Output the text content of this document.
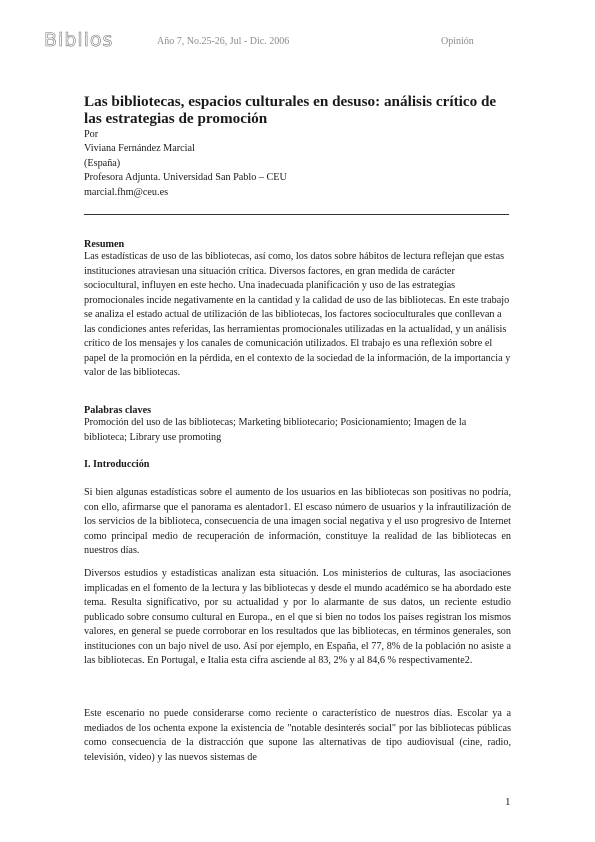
Biblios	Año 7, No.25-26, Jul - Dic. 2006	Opinión
Las bibliotecas, espacios culturales en desuso: análisis crítico de las estrategias de promoción
Por
Viviana Fernández Marcial
(España)
Profesora Adjunta. Universidad San Pablo – CEU
marcial.fhm@ceu.es
Resumen
Las estadísticas de uso de las bibliotecas, así como, los datos sobre hábitos de lectura reflejan que estas instituciones atraviesan una situación crítica. Diversos factores, en gran medida de carácter sociocultural, influyen en este hecho. Una inadecuada planificación y uso de las estrategias promocionales incide negativamente en la cantidad y la calidad de uso de las bibliotecas. En este trabajo se analiza el estado actual de utilización de las bibliotecas, los factores socioculturales que conllevan a las condiciones antes referidas, las herramientas promocionales utilizadas en la actualidad, y un análisis crítico de los mensajes y los canales de comunicación utilizados. El trabajo es una reflexión sobre el papel de la promoción en la pérdida, en el contexto de la sociedad de la información, de la importancia y valor de las bibliotecas.
Palabras claves
Promoción del uso de las bibliotecas; Marketing bibliotecario; Posicionamiento; Imagen de la biblioteca; Library use promoting
I. Introducción
Si bien algunas estadísticas sobre el aumento de los usuarios en las bibliotecas son positivas no podría, con ello, afirmarse que el panorama es alentador1. El escaso número de usuarios y la infrautilización de los servicios de la biblioteca, consecuencia de una imagen social negativa y el uso progresivo de Internet como principal medio de recuperación de información, constituye la realidad de las bibliotecas en nuestros días.
Diversos estudios y estadísticas analizan esta situación. Los ministerios de culturas, las asociaciones implicadas en el fomento de la lectura y las bibliotecas y desde el mundo académico se ha abordado este tema. Resulta significativo, por su actualidad y por lo alarmante de sus datos, un reciente estudio publicado sobre consumo cultural en Europa., en el que si bien no todos los países registran los mismos valores, en general se puede corroborar en los resultados que las bibliotecas, en términos generales, son instituciones con un bajo nivel de uso. Así por ejemplo, en España, el 77, 8% de la población no asiste a las bibliotecas. En Portugal, e Italia esta cifra asciende al 83, 2% y al 84,6 % respectivamente2.
Este escenario no puede considerarse como reciente o característico de nuestros días. Escolar ya a mediados de los ochenta expone la existencia de "notable desinterés social" por las bibliotecas públicas como consecuencia de la distracción que supone las alternativas de tipo audiovisual (cine, radio, televisión, video) y las nuevos sistemas de
1
